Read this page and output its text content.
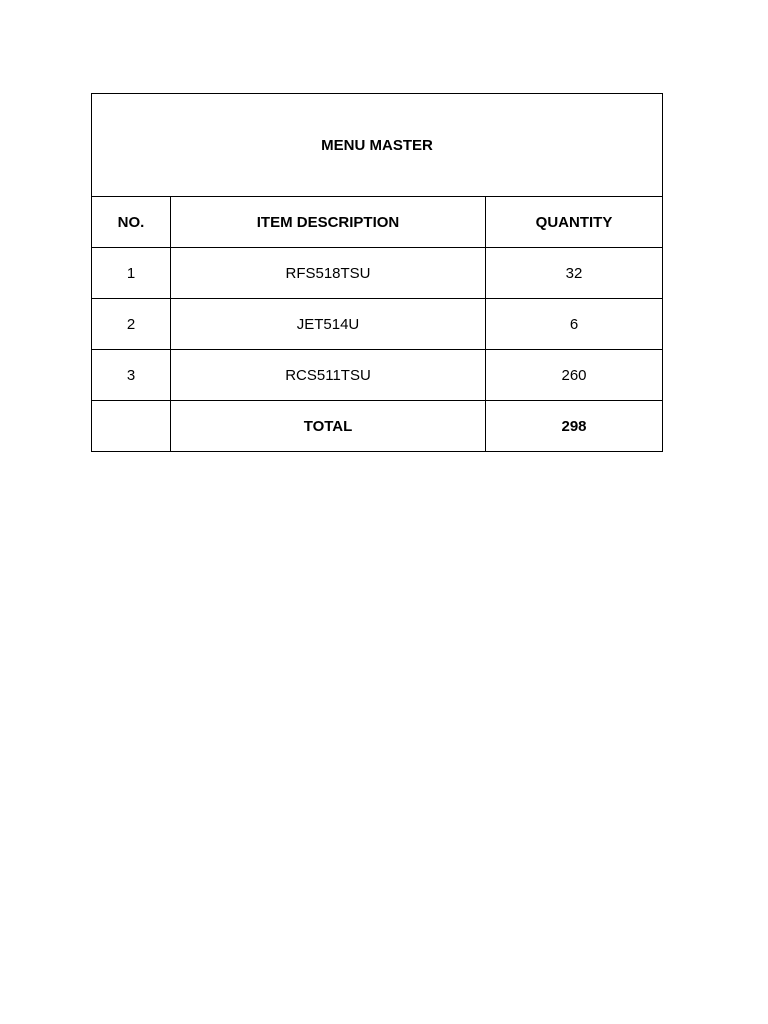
MENU MASTER		
NO.	ITEM DESCRIPTION	QUANTITY
1	RFS518TSU	32
2	JET514U	6
3	RCS511TSU	260
	TOTAL	298
